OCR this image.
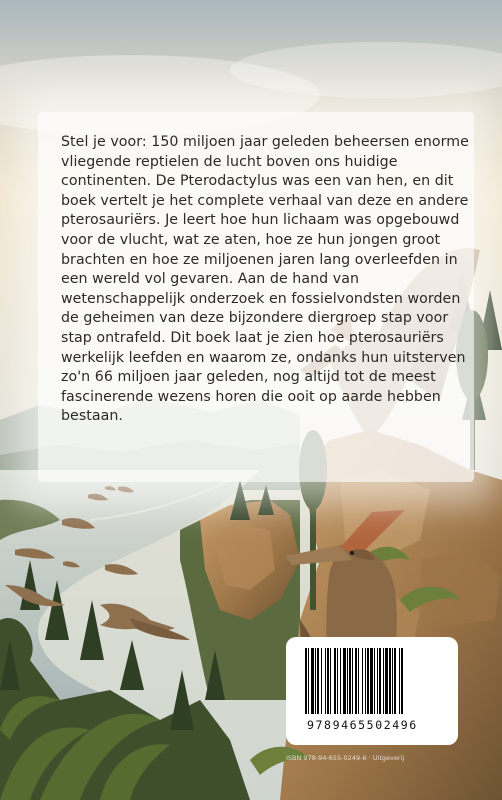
Stel je voor: 150 miljoen jaar geleden beheersen enorme vliegende reptielen de lucht boven ons huidige continenten. De Pterodactylus was een van hen, en dit boek vertelt je het complete verhaal van deze en andere pterosauriërs. Je leert hoe hun lichaam was opgebouwd voor de vlucht, wat ze aten, hoe ze hun jongen groot brachten en hoe ze miljoenen jaren lang overleefden in een wereld vol gevaren. Aan de hand van wetenschappelijk onderzoek en fossielvondsten worden de geheimen van deze bijzondere diergroep stap voor stap ontrafeld. Dit boek laat je zien hoe pterosauriërs werkelijk leefden en waarom ze, ondanks hun uitsterven zo'n 66 miljoen jaar geleden, nog altijd tot de meest fascinerende wezens horen die ooit op aarde hebben bestaan.

9789465502496
ISBN 978-94-655-0249-6 · Uitgeverij
